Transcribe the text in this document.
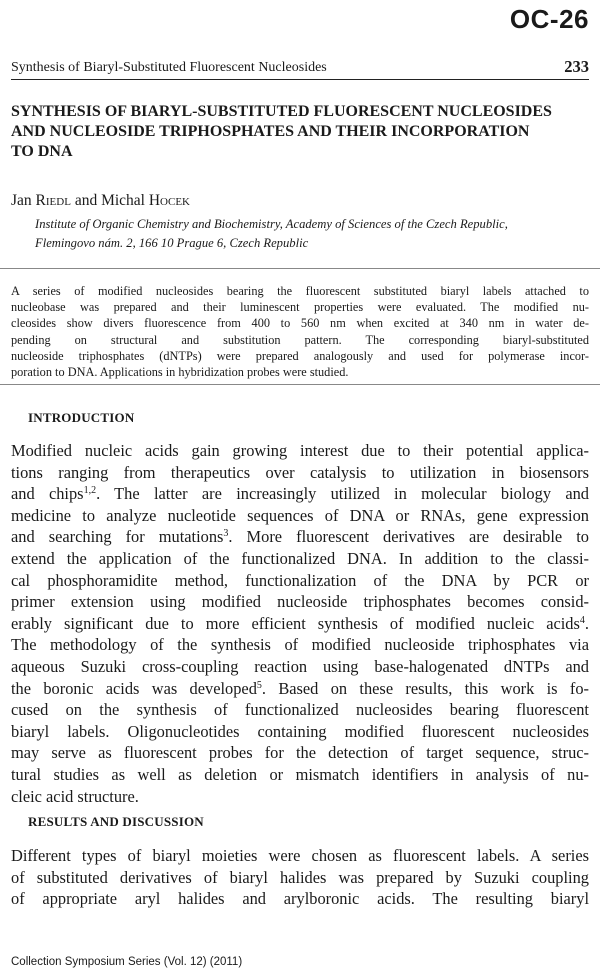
OC-26
Synthesis of Biaryl-Substituted Fluorescent Nucleosides	233
SYNTHESIS OF BIARYL-SUBSTITUTED FLUORESCENT NUCLEOSIDES
AND NUCLEOSIDE TRIPHOSPHATES AND THEIR INCORPORATION
TO DNA
Jan Riedl and Michal Hocek
Institute of Organic Chemistry and Biochemistry, Academy of Sciences of the Czech Republic,
Flemingovo nám. 2, 166 10 Prague 6, Czech Republic
A series of modified nucleosides bearing the fluorescent substituted biaryl labels attached to
nucleobase was prepared and their luminescent properties were evaluated. The modified nu-
cleosides show divers fluorescence from 400 to 560 nm when excited at 340 nm in water de-
pending on structural and substitution pattern. The corresponding biaryl-substituted
nucleoside triphosphates (dNTPs) were prepared analogously and used for polymerase incor-
poration to DNA. Applications in hybridization probes were studied.
INTRODUCTION
Modified nucleic acids gain growing interest due to their potential applica-
tions ranging from therapeutics over catalysis to utilization in biosensors
and chips$^{1,2}$. The latter are increasingly utilized in molecular biology and
medicine to analyze nucleotide sequences of DNA or RNAs, gene expression
and searching for mutations$^3$. More fluorescent derivatives are desirable to
extend the application of the functionalized DNA. In addition to the classi-
cal phosphoramidite method, functionalization of the DNA by PCR or
primer extension using modified nucleoside triphosphates becomes consid-
erably significant due to more efficient synthesis of modified nucleic acids$^4$.
The methodology of the synthesis of modified nucleoside triphosphates via
aqueous Suzuki cross-coupling reaction using base-halogenated dNTPs and
the boronic acids was developed$^5$. Based on these results, this work is fo-
cused on the synthesis of functionalized nucleosides bearing fluorescent
biaryl labels. Oligonucleotides containing modified fluorescent nucleosides
may serve as fluorescent probes for the detection of target sequence, struc-
tural studies as well as deletion or mismatch identifiers in analysis of nu-
cleic acid structure.
RESULTS AND DISCUSSION
Different types of biaryl moieties were chosen as fluorescent labels. A series
of substituted derivatives of biaryl halides was prepared by Suzuki coupling
of appropriate aryl halides and arylboronic acids. The resulting biaryl
Collection Symposium Series (Vol. 12) (2011)
